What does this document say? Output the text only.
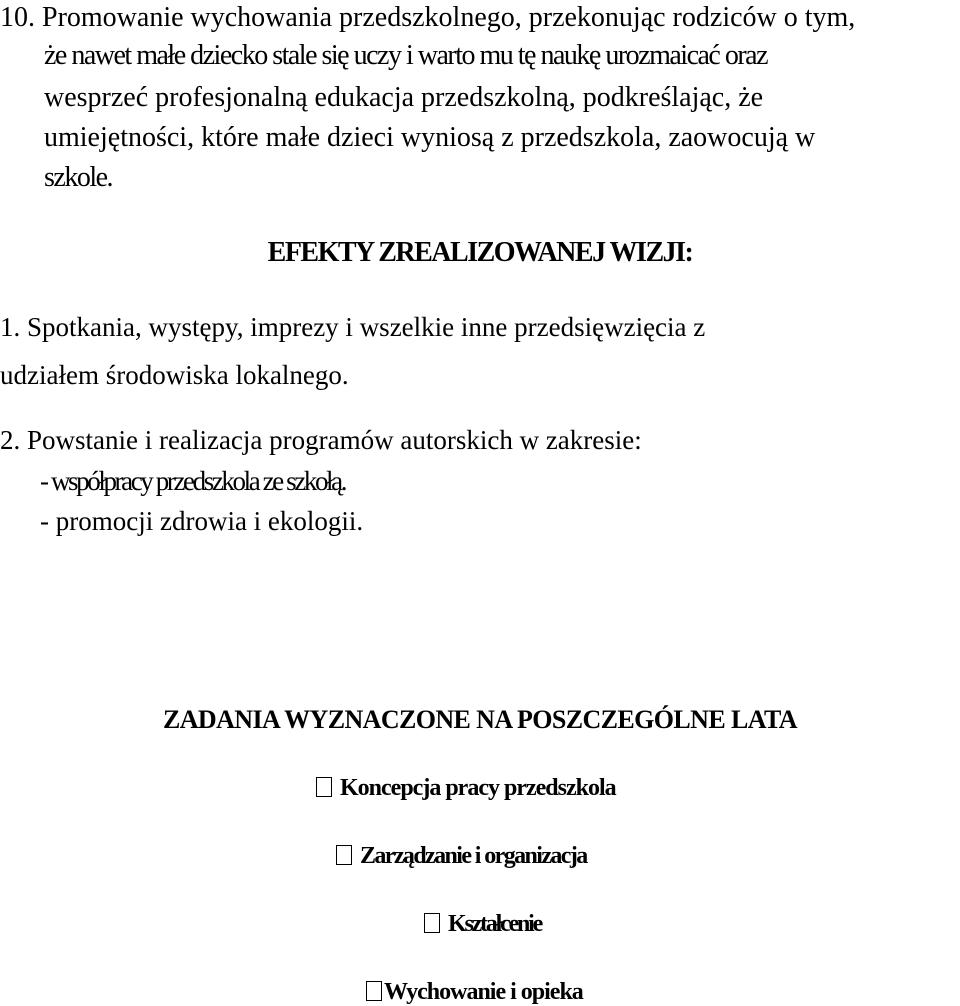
10. Promowanie wychowania przedszkolnego, przekonując rodziców o tym,

że nawet małe dziecko stale się uczy i warto mu tę naukę urozmaicać oraz

wesprzeć profesjonalną edukacja przedszkolną, podkreślając, że

umiejętności, które małe dzieci wyniosą z przedszkola, zaowocują w

szkole.

EFEKTY ZREALIZOWANEJ WIZJI:

1. Spotkania, występy, imprezy i wszelkie inne przedsięwzięcia z

udziałem środowiska lokalnego.

2. Powstanie i realizacja programów autorskich w zakresie:

- współpracy przedszkola ze szkołą.

- promocji zdrowia i ekologii.

ZADANIA WYZNACZONE NA POSZCZEGÓLNE LATA
Koncepcja pracy przedszkola
Zarządzanie i organizacja
Kształcenie
Wychowanie i opieka
